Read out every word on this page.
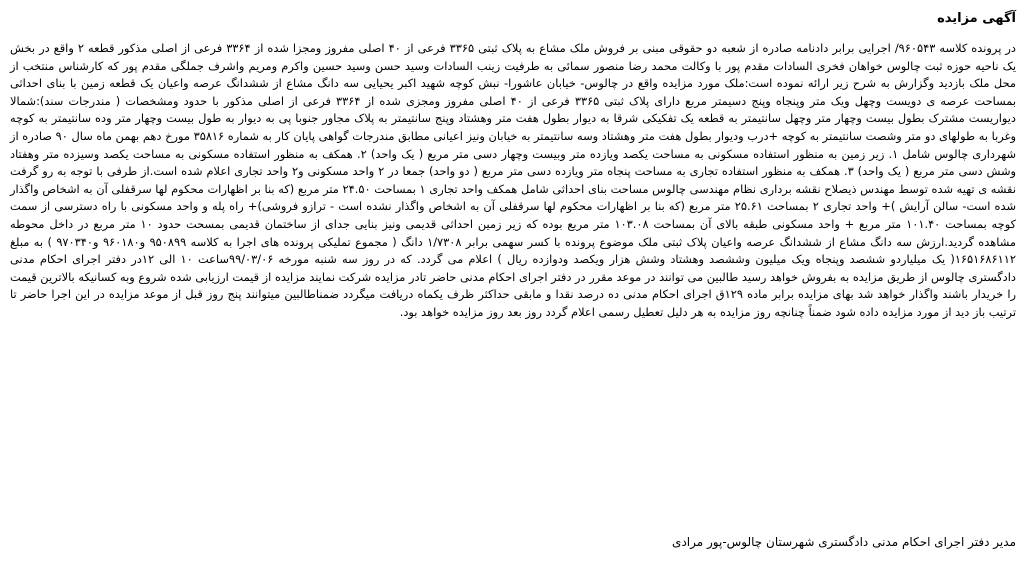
آگهی مزایده

در پرونده کلاسه ۹۶۰۵۴۳/ اجرایی برابر دادنامه صادره از شعبه دو حقوقی مبنی بر فروش ملک مشاع به پلاک ثبتی ۳۳۶۵ فرعی از ۴۰ اصلی مفروز ومجزا شده از ۳۳۶۴ فرعی از اصلی مذکور قطعه ۲ واقع در بخش یک ناحیه حوزه ثبت چالوس خواهان فخری السادات مقدم پور با وکالت محمد رضا منصور سمائی به طرفیت زینب السادات وسید حسن وسید حسین واکرم ومریم واشرف جملگی مقدم پور که کارشناس منتخب از محل ملک بازدید وگزارش به شرح زیر ارائه نموده است:ملک مورد مزایده واقع در چالوس- خیابان عاشورا- نبش کوچه شهید اکبر یحیایی سه دانگ مشاع از ششدانگ عرصه واعیان یک قطعه زمین با بنای احداثی بمساحت عرصه ی دویست وچهل ویک متر وپنجاه وپنج دسیمتر مربع دارای پلاک ثبتی ۳۳۶۵ فرعی از ۴۰ اصلی مفروز ومجزی شده از ۳۳۶۴ فرعی از اصلی مذکور با حدود ومشخصات ( مندرجات سند):شمالا دیواریست مشترک بطول بیست وچهار متر وچهل سانتیمتر به قطعه یک تفکیکی شرقا به دیوار بطول هفت متر وهشتاد وپنج سانتیمتر به پلاک مجاور جنوبا پی به دیوار به طول بیست وچهار متر وده سانتیمتر به کوچه وغربا به طولهای دو متر وشصت سانتیمتر به کوچه +درب ودیوار بطول هفت متر وهشتاد وسه سانتیمتر به خیابان ونیز اعیانی مطابق مندرجات گواهی پایان کار به شماره ۳۵۸۱۶ مورخ دهم بهمن ماه سال ۹۰ صادره از شهرداری چالوس شامل ۱. زیر زمین به منظور استفاده مسکونی به مساحت یکصد ویازده متر وبیست وچهار دسی متر مربع ( یک واحد) ۲. همکف به منظور استفاده مسکونی به مساحت یکصد وسیزده متر وهفتاد وشش دسی متر مربع ( یک واحد) ۳. همکف به منظور استفاده تجاری به مساحت پنجاه متر ویازده دسی متر مربع ( دو واحد) جمعا در ۲ واحد مسکونی و۲ واحد تجاری اعلام شده است.از طرفی با توجه به رو گرفت نقشه ی تهیه شده توسط مهندس ذیصلاح نقشه برداری نظام مهندسی چالوس مساحت بنای احداثی شامل همکف واحد تجاری ۱ بمساحت ۲۴.۵۰ متر مربع (که بنا بر اظهارات محکوم لها سرقفلی آن به اشخاص واگذار شده است- سالن آرایش )+ واحد تجاری ۲ بمساحت ۲۵.۶۱ متر مربع (که بنا بر اظهارات محکوم لها سرقفلی آن به اشخاص واگذار نشده است - ترازو فروشی)+ راه پله و واحد مسکونی با راه دسترسی از سمت کوچه بمساحت ۱۰۱.۴۰ متر مربع + واحد مسکونی طبقه بالای آن بمساحت ۱۰۳.۰۸ متر مربع بوده که زیر زمین احداثی قدیمی ونیز بنایی جدای از ساختمان قدیمی بمسحت حدود ۱۰ متر مربع در داخل محوطه مشاهده گردید.ارزش سه دانگ مشاع از ششدانگ عرصه واعیان پلاک ثبتی ملک موضوع پرونده با کسر سهمی برابر ۱/۷۳۰۸ دانگ ( مجموع تملیکی پرونده های اجرا به کلاسه ۹۵۰۸۹۹ و۹۶۰۱۸۰ و۹۷۰۳۴۰ ) به مبلغ ۱۶۵۱۶۸۶۱۱۲( یک میلیاردو ششصد وپنجاه ویک میلیون وششصد وهشتاد وشش هزار ویکصد ودوازده ریال ) اعلام می گردد. که در روز سه شنبه مورخه ۹۹/۰۳/۰۶ساعت ۱۰ الی ۱۲در دفتر اجرای احکام مدنی دادگستری چالوس از طریق مزایده به بفروش خواهد رسید طالبین می توانند در موعد مقرر در دفتر اجرای احکام مدنی حاضر تادر مزایده شرکت نمایند مزایده از قیمت ارزیابی شده شروع وبه کسانیکه بالاترین قیمت را خریدار باشند واگذار خواهد شد بهای مزایده برابر ماده ۱۲۹ق اجرای احکام مدنی ده درصد نقدا و مابقی حداکثر ظرف یکماه دریافت میگردد ضمناطالبین میتوانند پنج روز قبل از موعد مزایده در این اجرا حاضر تا ترتیب باز دید از مورد مزایده داده شود ضمناً چنانچه روز مزایده به هر دلیل تعطیل رسمی اعلام گردد روز بعد روز مزایده خواهد بود.

مدیر دفتر اجرای احکام مدنی دادگستری شهرستان چالوس-پور مرادی
